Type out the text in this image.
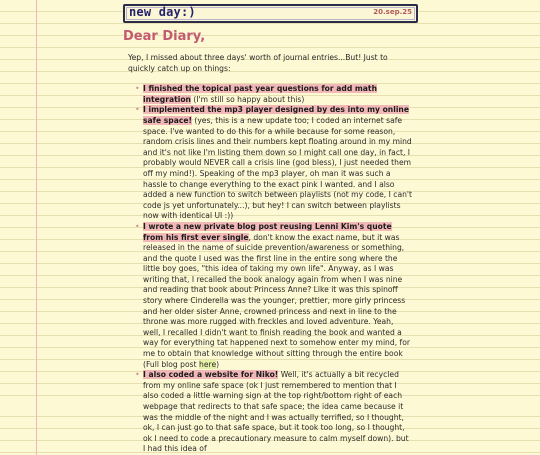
new day:)	20.sep.25
Dear Diary,

Yep, I missed about three days' worth of journal entries...But! Just to quickly catch up on things:

• I finished the topical past year questions for add math integration (I'm still so happy about this)
• I implemented the mp3 player designed by des into my online safe space! (yes, this is a new update too; I coded an internet safe space. I've wanted to do this for a while because for some reason, random crisis lines and their numbers kept floating around in my mind and it's not like I'm listing them down so I might call one day, in fact, I probably would NEVER call a crisis line (god bless), I just needed them off my mind!). Speaking of the mp3 player, oh man it was such a hassle to change everything to the exact pink I wanted. and I also added a new function to switch between playlists (not my code, I can't code js yet unfortunately...), but hey! I can switch between playlists now with identical UI :))
• I wrote a new private blog post reusing Lenni Kim's quote from his first ever single, don't know the exact name, but it was released in the name of suicide prevention/awareness or something, and the quote I used was the first line in the entire song where the little boy goes, "this idea of taking my own life". Anyway, as I was writing that, I recalled the book analogy again from when I was nine and reading that book about Princess Anne? Like it was this spinoff story where Cinderella was the younger, prettier, more girly princess and her older sister Anne, crowned princess and next in line to the throne was more rugged with freckles and loved adventure. Yeah, well, I recalled I didn't want to finish reading the book and wanted a way for everything tat happened next to somehow enter my mind, for me to obtain that knowledge without sitting through the entire book (Full blog post here)
• I also coded a website for Niko! Well, it's actually a bit recycled from my online safe space (ok I just remembered to mention that I also coded a little warning sign at the top right/bottom right of each webpage that redirects to that safe space; the idea came because it was the middle of the night and I was actually terrified, so I thought, ok, I can just go to that safe space, but it took too long, so I thought, ok I need to code a precautionary measure to calm myself down). but I had this idea of
